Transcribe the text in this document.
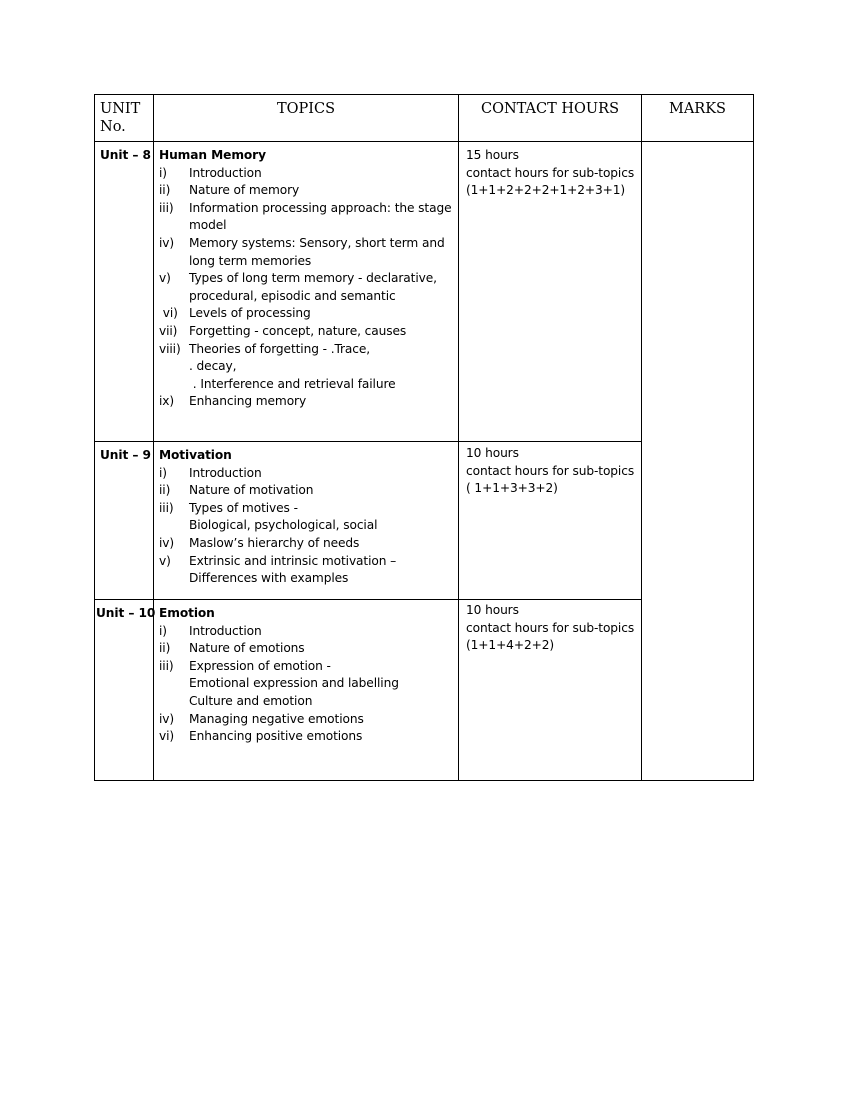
UNIT
No.
TOPICS	CONTACT HOURS	MARKS
Unit – 8 Human Memory
i) Introduction
ii) Nature of memory
iii) Information processing approach: the stage
model
iv) Memory systems: Sensory, short term and
long term memories
v) Types of long term memory - declarative,
procedural, episodic and semantic
vi) Levels of processing
vii) Forgetting - concept, nature, causes
viii) Theories of forgetting - .Trace,
. decay,
. Interference and retrieval failure
ix) Enhancing memory
15 hours
contact hours for sub-topics
(1+1+2+2+2+1+2+3+1)
Unit – 9 Motivation
i) Introduction
ii) Nature of motivation
iii) Types of motives -
Biological, psychological, social
iv) Maslow’s hierarchy of needs
v) Extrinsic and intrinsic motivation –
Differences with examples
10 hours
contact hours for sub-topics
( 1+1+3+3+2)
Unit – 10 Emotion
i) Introduction
ii) Nature of emotions
iii) Expression of emotion -
Emotional expression and labelling
Culture and emotion
iv) Managing negative emotions
vi) Enhancing positive emotions
10 hours
contact hours for sub-topics
(1+1+4+2+2)
